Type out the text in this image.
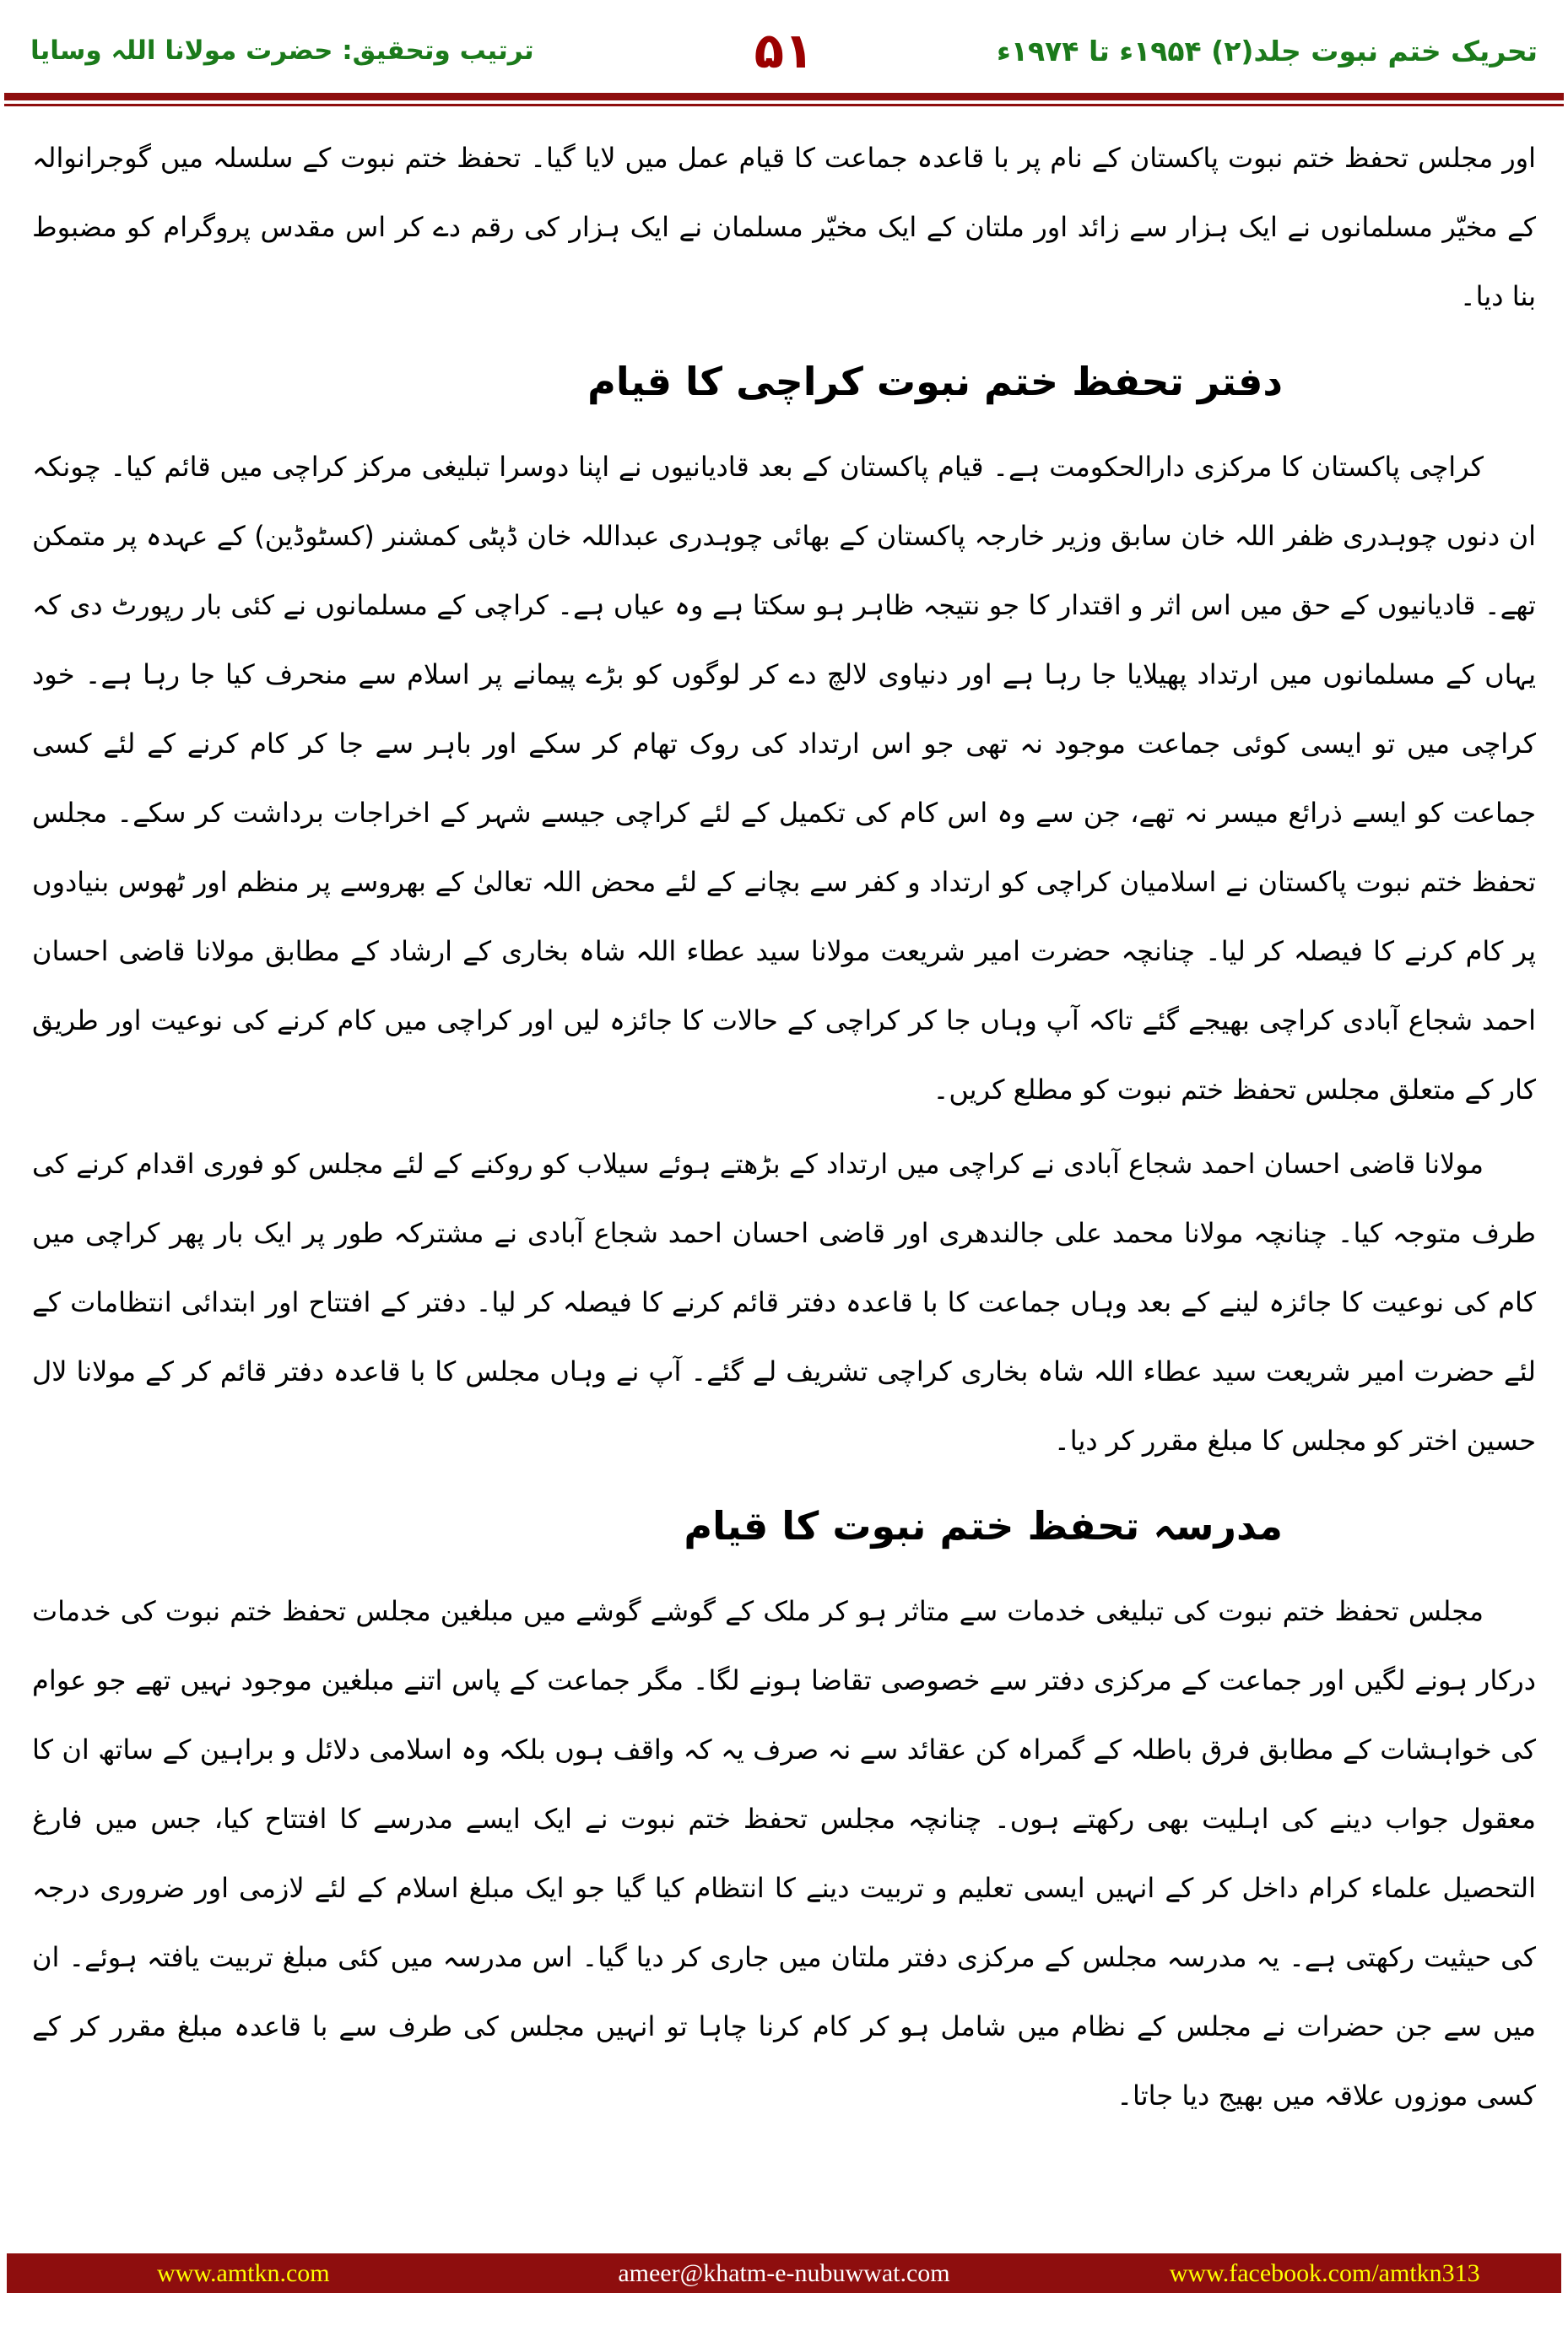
تحریک ختم نبوت جلد(۲) ۱۹۵۴ء تا ۱۹۷۴ء
۵۱
ترتیب وتحقیق: حضرت مولانا اللہ وسایا

اور مجلس تحفظ ختم نبوت پاکستان کے نام پر با قاعدہ جماعت کا قیام عمل میں لایا گیا۔ تحفظ ختم نبوت کے سلسلہ میں گوجرانوالہ کے مخیّر مسلمانوں نے ایک ہزار سے زائد اور ملتان کے ایک مخیّر مسلمان نے ایک ہزار کی رقم دے کر اس مقدس پروگرام کو مضبوط بنا دیا۔

دفتر تحفظ ختم نبوت کراچی کا قیام

کراچی پاکستان کا مرکزی دارالحکومت ہے۔ قیام پاکستان کے بعد قادیانیوں نے اپنا دوسرا تبلیغی مرکز کراچی میں قائم کیا۔ چونکہ ان دنوں چوہدری ظفر اللہ خان سابق وزیر خارجہ پاکستان کے بھائی چوہدری عبداللہ خان ڈپٹی کمشنر (کسٹوڈین) کے عہدہ پر متمکن تھے۔ قادیانیوں کے حق میں اس اثر و اقتدار کا جو نتیجہ ظاہر ہو سکتا ہے وہ عیاں ہے۔ کراچی کے مسلمانوں نے کئی بار رپورٹ دی کہ یہاں کے مسلمانوں میں ارتداد پھیلایا جا رہا ہے اور دنیاوی لالچ دے کر لوگوں کو بڑے پیمانے پر اسلام سے منحرف کیا جا رہا ہے۔ خود کراچی میں تو ایسی کوئی جماعت موجود نہ تھی جو اس ارتداد کی روک تھام کر سکے اور باہر سے جا کر کام کرنے کے لئے کسی جماعت کو ایسے ذرائع میسر نہ تھے، جن سے وہ اس کام کی تکمیل کے لئے کراچی جیسے شہر کے اخراجات برداشت کر سکے۔ مجلس تحفظ ختم نبوت پاکستان نے اسلامیان کراچی کو ارتداد و کفر سے بچانے کے لئے محض اللہ تعالیٰ کے بھروسے پر منظم اور ٹھوس بنیادوں پر کام کرنے کا فیصلہ کر لیا۔ چنانچہ حضرت امیر شریعت مولانا سید عطاء اللہ شاہ بخاری کے ارشاد کے مطابق مولانا قاضی احسان احمد شجاع آبادی کراچی بھیجے گئے تاکہ آپ وہاں جا کر کراچی کے حالات کا جائزہ لیں اور کراچی میں کام کرنے کی نوعیت اور طریق کار کے متعلق مجلس تحفظ ختم نبوت کو مطلع کریں۔

مولانا قاضی احسان احمد شجاع آبادی نے کراچی میں ارتداد کے بڑھتے ہوئے سیلاب کو روکنے کے لئے مجلس کو فوری اقدام کرنے کی طرف متوجہ کیا۔ چنانچہ مولانا محمد علی جالندھری اور قاضی احسان احمد شجاع آبادی نے مشترکہ طور پر ایک بار پھر کراچی میں کام کی نوعیت کا جائزہ لینے کے بعد وہاں جماعت کا با قاعدہ دفتر قائم کرنے کا فیصلہ کر لیا۔ دفتر کے افتتاح اور ابتدائی انتظامات کے لئے حضرت امیر شریعت سید عطاء اللہ شاہ بخاری کراچی تشریف لے گئے۔ آپ نے وہاں مجلس کا با قاعدہ دفتر قائم کر کے مولانا لال حسین اختر کو مجلس کا مبلغ مقرر کر دیا۔

مدرسہ تحفظ ختم نبوت کا قیام

مجلس تحفظ ختم نبوت کی تبلیغی خدمات سے متاثر ہو کر ملک کے گوشے گوشے میں مبلغین مجلس تحفظ ختم نبوت کی خدمات درکار ہونے لگیں اور جماعت کے مرکزی دفتر سے خصوصی تقاضا ہونے لگا۔ مگر جماعت کے پاس اتنے مبلغین موجود نہیں تھے جو عوام کی خواہشات کے مطابق فرق باطلہ کے گمراہ کن عقائد سے نہ صرف یہ کہ واقف ہوں بلکہ وہ اسلامی دلائل و براہین کے ساتھ ان کا معقول جواب دینے کی اہلیت بھی رکھتے ہوں۔ چنانچہ مجلس تحفظ ختم نبوت نے ایک ایسے مدرسے کا افتتاح کیا، جس میں فارغ التحصیل علماء کرام داخل کر کے انہیں ایسی تعلیم و تربیت دینے کا انتظام کیا گیا جو ایک مبلغ اسلام کے لئے لازمی اور ضروری درجہ کی حیثیت رکھتی ہے۔ یہ مدرسہ مجلس کے مرکزی دفتر ملتان میں جاری کر دیا گیا۔ اس مدرسہ میں کئی مبلغ تربیت یافتہ ہوئے۔ ان میں سے جن حضرات نے مجلس کے نظام میں شامل ہو کر کام کرنا چاہا تو انہیں مجلس کی طرف سے با قاعدہ مبلغ مقرر کر کے کسی موزوں علاقہ میں بھیج دیا جاتا۔

www.amtkn.com	ameer@khatm-e-nubuwwat.com	www.facebook.com/amtkn313
